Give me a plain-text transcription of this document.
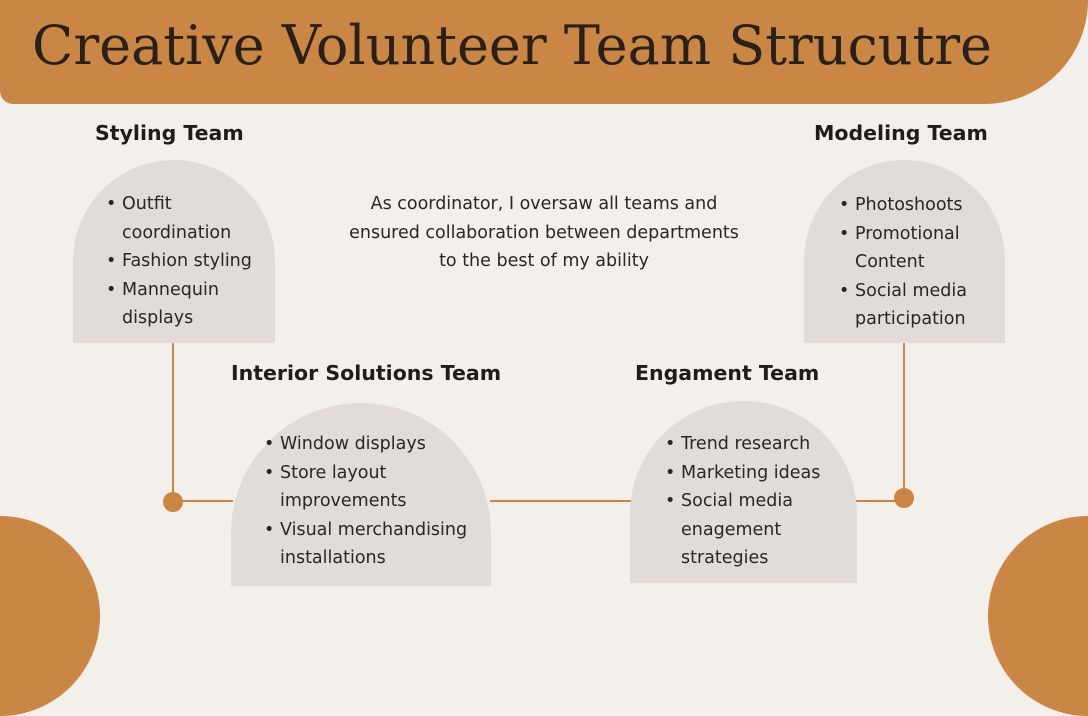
Creative Volunteer Team Strucutre
Styling Team
• Outfit coordination
• Fashion styling
• Mannequin displays

As coordinator, I oversaw all teams and ensured collaboration between departments to the best of my ability

Modeling Team
• Photoshoots
• Promotional Content
• Social media participation
Interior Solutions Team
• Window displays
• Store layout improvements
• Visual merchandising installations
Engament Team
• Trend research
• Marketing ideas
• Social media enagement strategies
